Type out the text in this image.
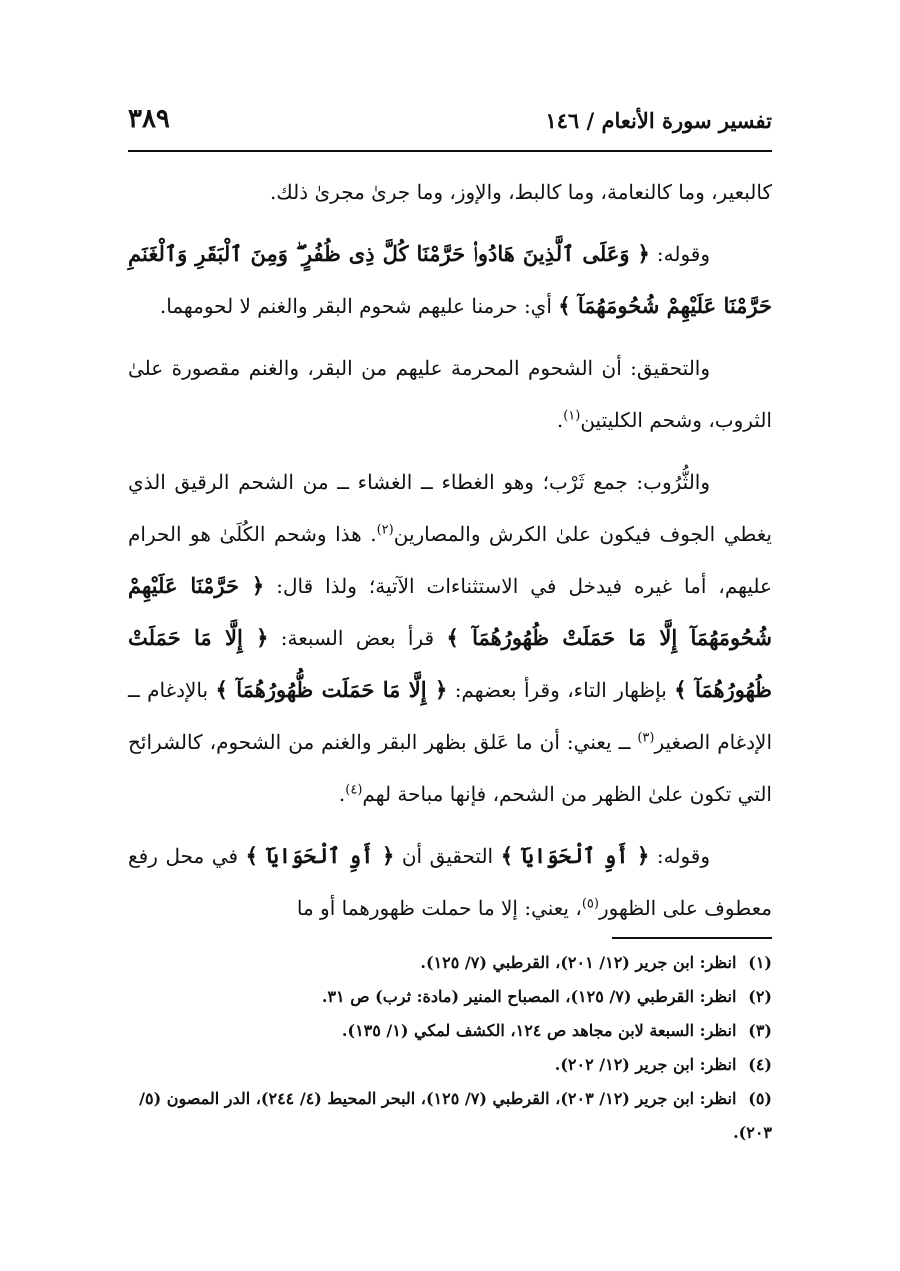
٣٨٩	تفسير سورة الأنعام / ١٤٦

كالبعير، وما كالنعامة، وما كالبط، والإوز، وما جرىٰ مجرىٰ ذلك.

وقوله: ﴿ وَعَلَى ٱلَّذِينَ هَادُوا۟ حَرَّمْنَا كُلَّ ذِى ظُفُرٍ ۖ وَمِنَ ٱلْبَقَرِ وَٱلْغَنَمِ حَرَّمْنَا عَلَيْهِمْ شُحُومَهُمَآ ﴾ أي: حرمنا عليهم شحوم البقر والغنم لا لحومهما.

والتحقيق: أن الشحوم المحرمة عليهم من البقر، والغنم مقصورة علىٰ الثروب، وشحم الكليتين$^{(١)}$.

والثُّرُوب: جمع ثَرْب؛ وهو الغطاء ــ الغشاء ــ من الشحم الرقيق الذي يغطي الجوف فيكون علىٰ الكرش والمصارين$^{(٢)}$. هذا وشحم الكُلَىٰ هو الحرام عليهم، أما غيره فيدخل في الاستثناءات الآتية؛ ولذا قال: ﴿ حَرَّمْنَا عَلَيْهِمْ شُحُومَهُمَآ إِلَّا مَا حَمَلَتْ ظُهُورُهُمَآ ﴾ قرأ بعض السبعة: ﴿ إِلَّا مَا حَمَلَتْ ظُهُورُهُمَآ ﴾ بإظهار التاء، وقرأ بعضهم: ﴿ إِلَّا مَا حَمَلَت ظُّهُورُهُمَآ ﴾ بالإدغام ــ الإدغام الصغير$^{(٣)}$ ــ يعني: أن ما عَلق بظهر البقر والغنم من الشحوم، كالشرائح التي تكون علىٰ الظهر من الشحم، فإنها مباحة لهم$^{(٤)}$.

وقوله: ﴿ أَوِ ٱلْحَوَايَآ ﴾ التحقيق أن ﴿ أَوِ ٱلْحَوَايَآ ﴾ في محل رفع معطوف على الظهور$^{(٥)}$، يعني: إلا ما حملت ظهورهما أو ما

(١) انظر: ابن جرير (١٢/ ٢٠١)، القرطبي (٧/ ١٢٥).

(٢) انظر: القرطبي (٧/ ١٢٥)، المصباح المنير (مادة: ثرب) ص ٣١.

(٣) انظر: السبعة لابن مجاهد ص ١٢٤، الكشف لمكي (١/ ١٣٥).

(٤) انظر: ابن جرير (١٢/ ٢٠٢).

(٥) انظر: ابن جرير (١٢/ ٢٠٣)، القرطبي (٧/ ١٢٥)، البحر المحيط (٤/ ٢٤٤)، الدر المصون (٥/ ٢٠٣).
